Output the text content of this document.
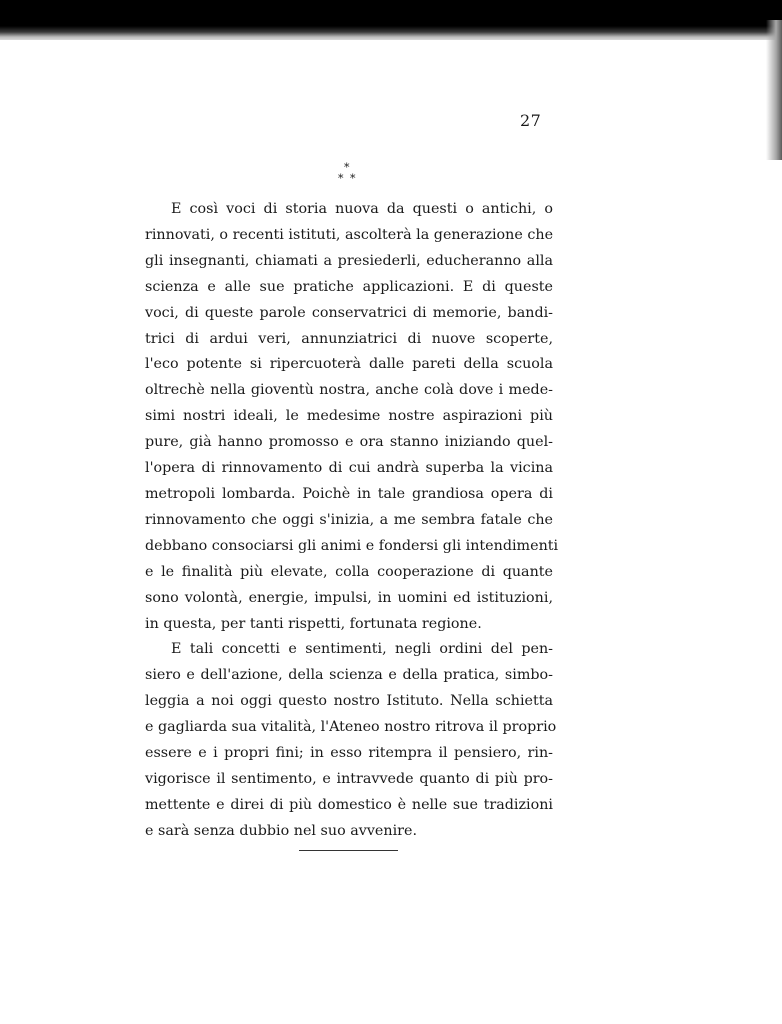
27
*
* *
E così voci di storia nuova da questi o antichi, o
rinnovati, o recenti istituti, ascolterà la generazione che
gli insegnanti, chiamati a presiederli, educheranno alla
scienza e alle sue pratiche applicazioni. E di queste
voci, di queste parole conservatrici di memorie, bandi-
trici di ardui veri, annunziatrici di nuove scoperte,
l'eco potente si ripercuoterà dalle pareti della scuola
oltrechè nella gioventù nostra, anche colà dove i mede-
simi nostri ideali, le medesime nostre aspirazioni più
pure, già hanno promosso e ora stanno iniziando quel-
l'opera di rinnovamento di cui andrà superba la vicina
metropoli lombarda. Poichè in tale grandiosa opera di
rinnovamento che oggi s'inizia, a me sembra fatale che
debbano consociarsi gli animi e fondersi gli intendimenti
e le finalità più elevate, colla cooperazione di quante
sono volontà, energie, impulsi, in uomini ed istituzioni,
in questa, per tanti rispetti, fortunata regione.
E tali concetti e sentimenti, negli ordini del pen-
siero e dell'azione, della scienza e della pratica, simbo-
leggia a noi oggi questo nostro Istituto. Nella schietta
e gagliarda sua vitalità, l'Ateneo nostro ritrova il proprio
essere e i propri fini; in esso ritempra il pensiero, rin-
vigorisce il sentimento, e intravvede quanto di più pro-
mettente e direi di più domestico è nelle sue tradizioni
e sarà senza dubbio nel suo avvenire.
